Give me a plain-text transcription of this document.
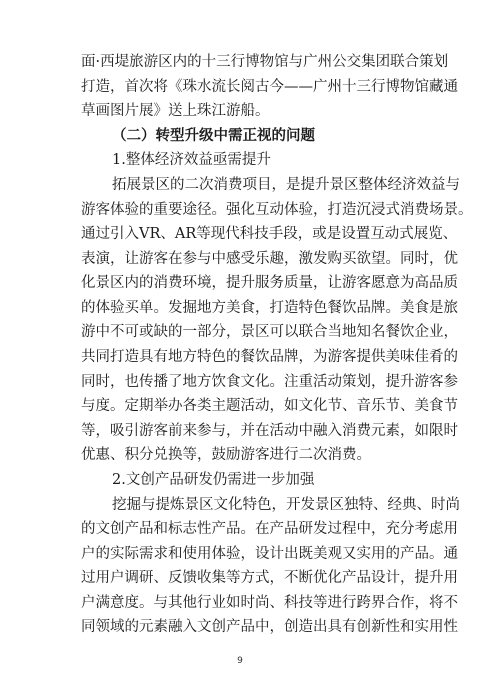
面·西堤旅游区内的十三行博物馆与广州公交集团联合策划
打造，首次将《珠水流长阅古今——广州十三行博物馆藏通
草画图片展》送上珠江游船。
（二）转型升级中需正视的问题
1.整体经济效益亟需提升
拓展景区的二次消费项目，是提升景区整体经济效益与
游客体验的重要途径。强化互动体验，打造沉浸式消费场景。
通过引入VR、AR等现代科技手段，或是设置互动式展览、
表演，让游客在参与中感受乐趣，激发购买欲望。同时，优
化景区内的消费环境，提升服务质量，让游客愿意为高品质
的体验买单。发掘地方美食，打造特色餐饮品牌。美食是旅
游中不可或缺的一部分，景区可以联合当地知名餐饮企业，
共同打造具有地方特色的餐饮品牌，为游客提供美味佳肴的
同时，也传播了地方饮食文化。注重活动策划，提升游客参
与度。定期举办各类主题活动，如文化节、音乐节、美食节
等，吸引游客前来参与，并在活动中融入消费元素，如限时
优惠、积分兑换等，鼓励游客进行二次消费。
2.文创产品研发仍需进一步加强
挖掘与提炼景区文化特色，开发景区独特、经典、时尚
的文创产品和标志性产品。在产品研发过程中，充分考虑用
户的实际需求和使用体验，设计出既美观又实用的产品。通
过用户调研、反馈收集等方式，不断优化产品设计，提升用
户满意度。与其他行业如时尚、科技等进行跨界合作，将不
同领域的元素融入文创产品中，创造出具有创新性和实用性
9
